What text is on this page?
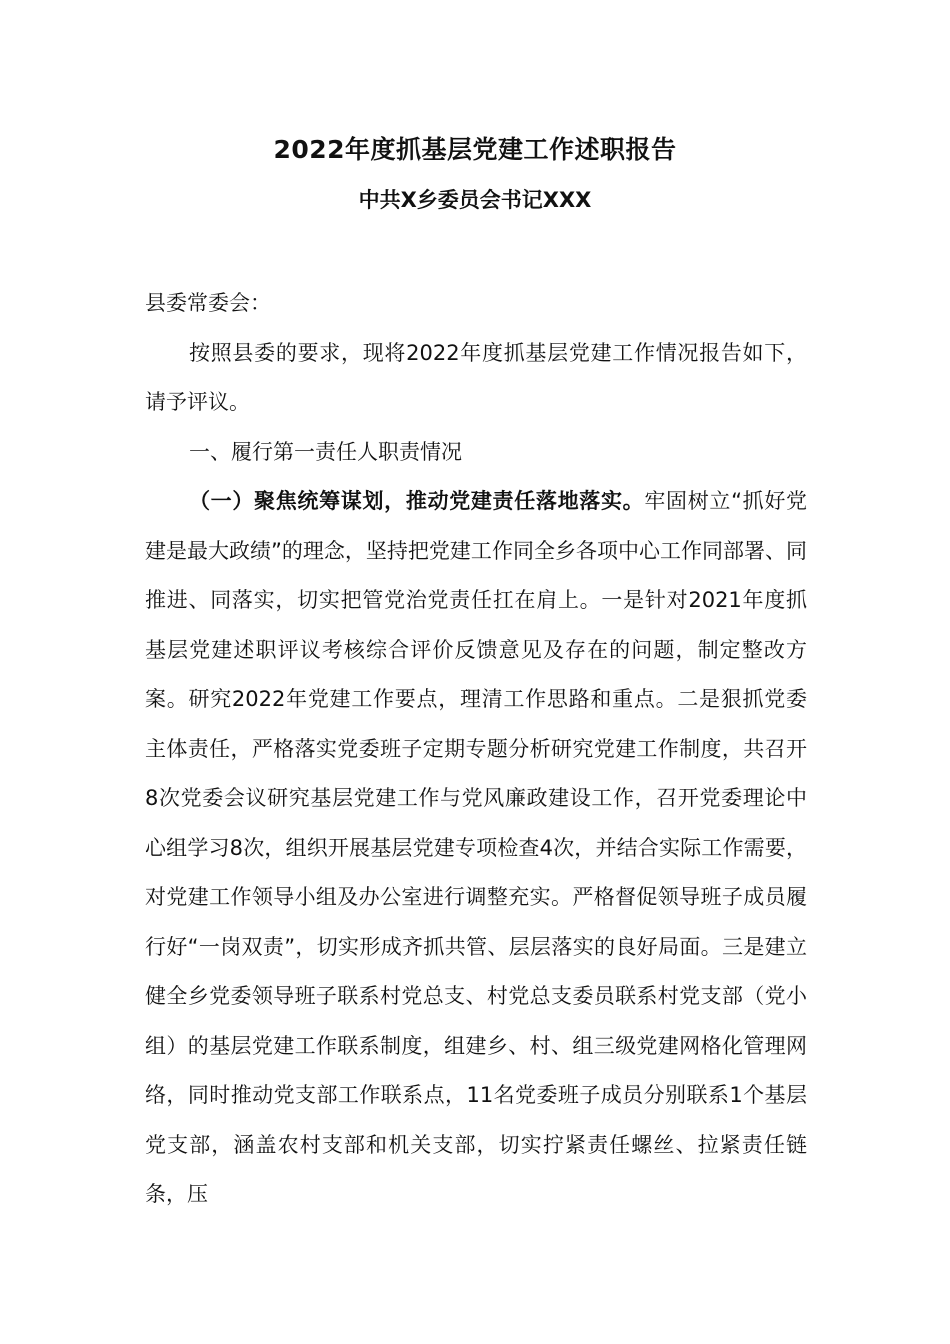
2022年度抓基层党建工作述职报告
中共X乡委员会书记XXX

县委常委会：

按照县委的要求，现将2022年度抓基层党建工作情况报告如下，请予评议。

一、履行第一责任人职责情况

（一）聚焦统筹谋划，推动党建责任落地落实。牢固树立“抓好党建是最大政绩”的理念，坚持把党建工作同全乡各项中心工作同部署、同推进、同落实，切实把管党治党责任扛在肩上。一是针对2021年度抓基层党建述职评议考核综合评价反馈意见及存在的问题，制定整改方案。研究2022年党建工作要点，理清工作思路和重点。二是狠抓党委主体责任，严格落实党委班子定期专题分析研究党建工作制度，共召开8次党委会议研究基层党建工作与党风廉政建设工作，召开党委理论中心组学习8次，组织开展基层党建专项检查4次，并结合实际工作需要，对党建工作领导小组及办公室进行调整充实。严格督促领导班子成员履行好“一岗双责”，切实形成齐抓共管、层层落实的良好局面。三是建立健全乡党委领导班子联系村党总支、村党总支委员联系村党支部（党小组）的基层党建工作联系制度，组建乡、村、组三级党建网格化管理网络，同时推动党支部工作联系点，11名党委班子成员分别联系1个基层党支部，涵盖农村支部和机关支部，切实拧紧责任螺丝、拉紧责任链条，压
